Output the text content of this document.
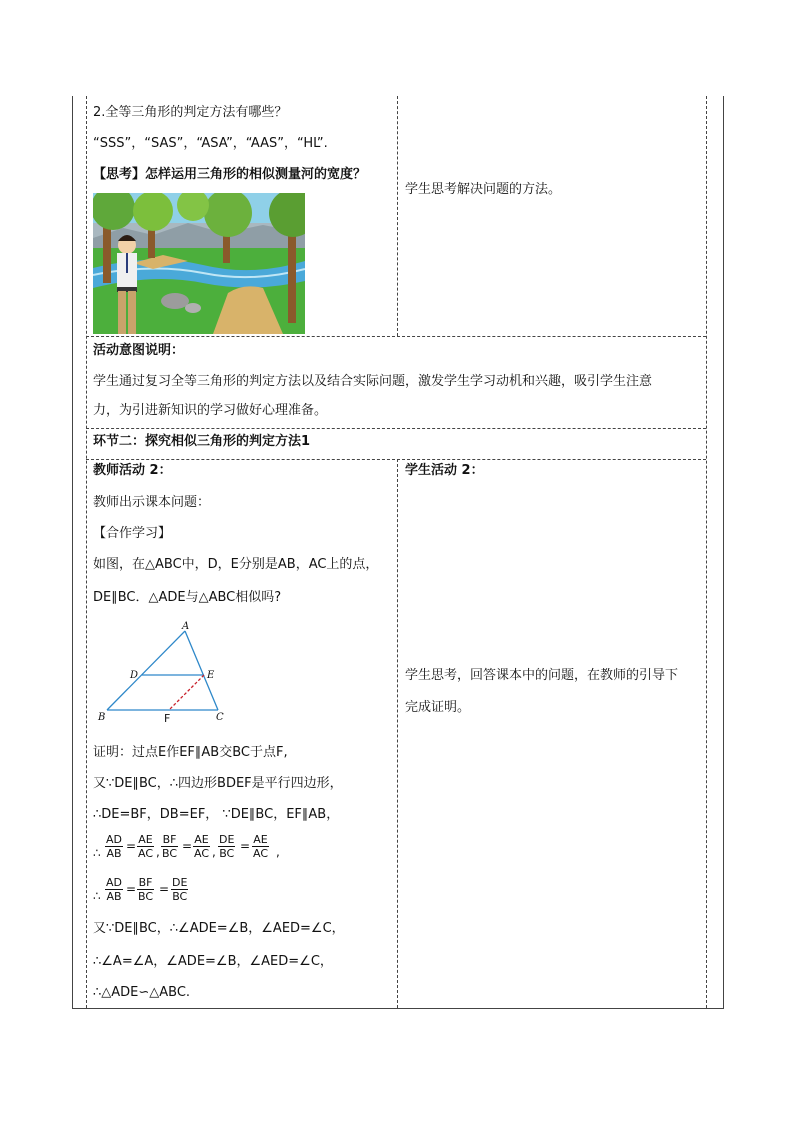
2.全等三角形的判定方法有哪些？
“SSS”，“SAS”，“ASA”，“AAS”，“HL”.
【思考】怎样运用三角形的相似测量河的宽度？
学生思考解决问题的方法。
活动意图说明：
学生通过复习全等三角形的判定方法以及结合实际问题，激发学生学习动机和兴趣，吸引学生注意
力，为引进新知识的学习做好心理准备。
环节二：探究相似三角形的判定方法1
教师活动 2：
教师出示课本问题：
【合作学习】
如图，在△ABC中，D，E分别是AB，AC上的点，
DE∥BC．△ADE与△ABC相似吗?
A
B	C
D	E
F
证明：过点E作EF∥AB交BC于点F,
又∵DE∥BC，∴四边形BDEF是平行四边形，
∴DE=BF，DB=EF， ∵DE∥BC，EF∥AB，
∴ $\frac{AD}{AB} = \frac{AE}{AC}$ , $\frac{BF}{BC} = \frac{AE}{AC}$ , $\frac{DE}{BC} = \frac{AE}{AC}$ ,
∴ $\frac{AD}{AB} = \frac{BF}{BC} = \frac{DE}{BC}$
又∵DE∥BC，∴∠ADE=∠B，∠AED=∠C，
∴∠A=∠A，∠ADE=∠B，∠AED=∠C，
∴△ADE∽△ABC.
学生活动 2：
学生思考，回答课本中的问题，在教师的引导下
完成证明。
